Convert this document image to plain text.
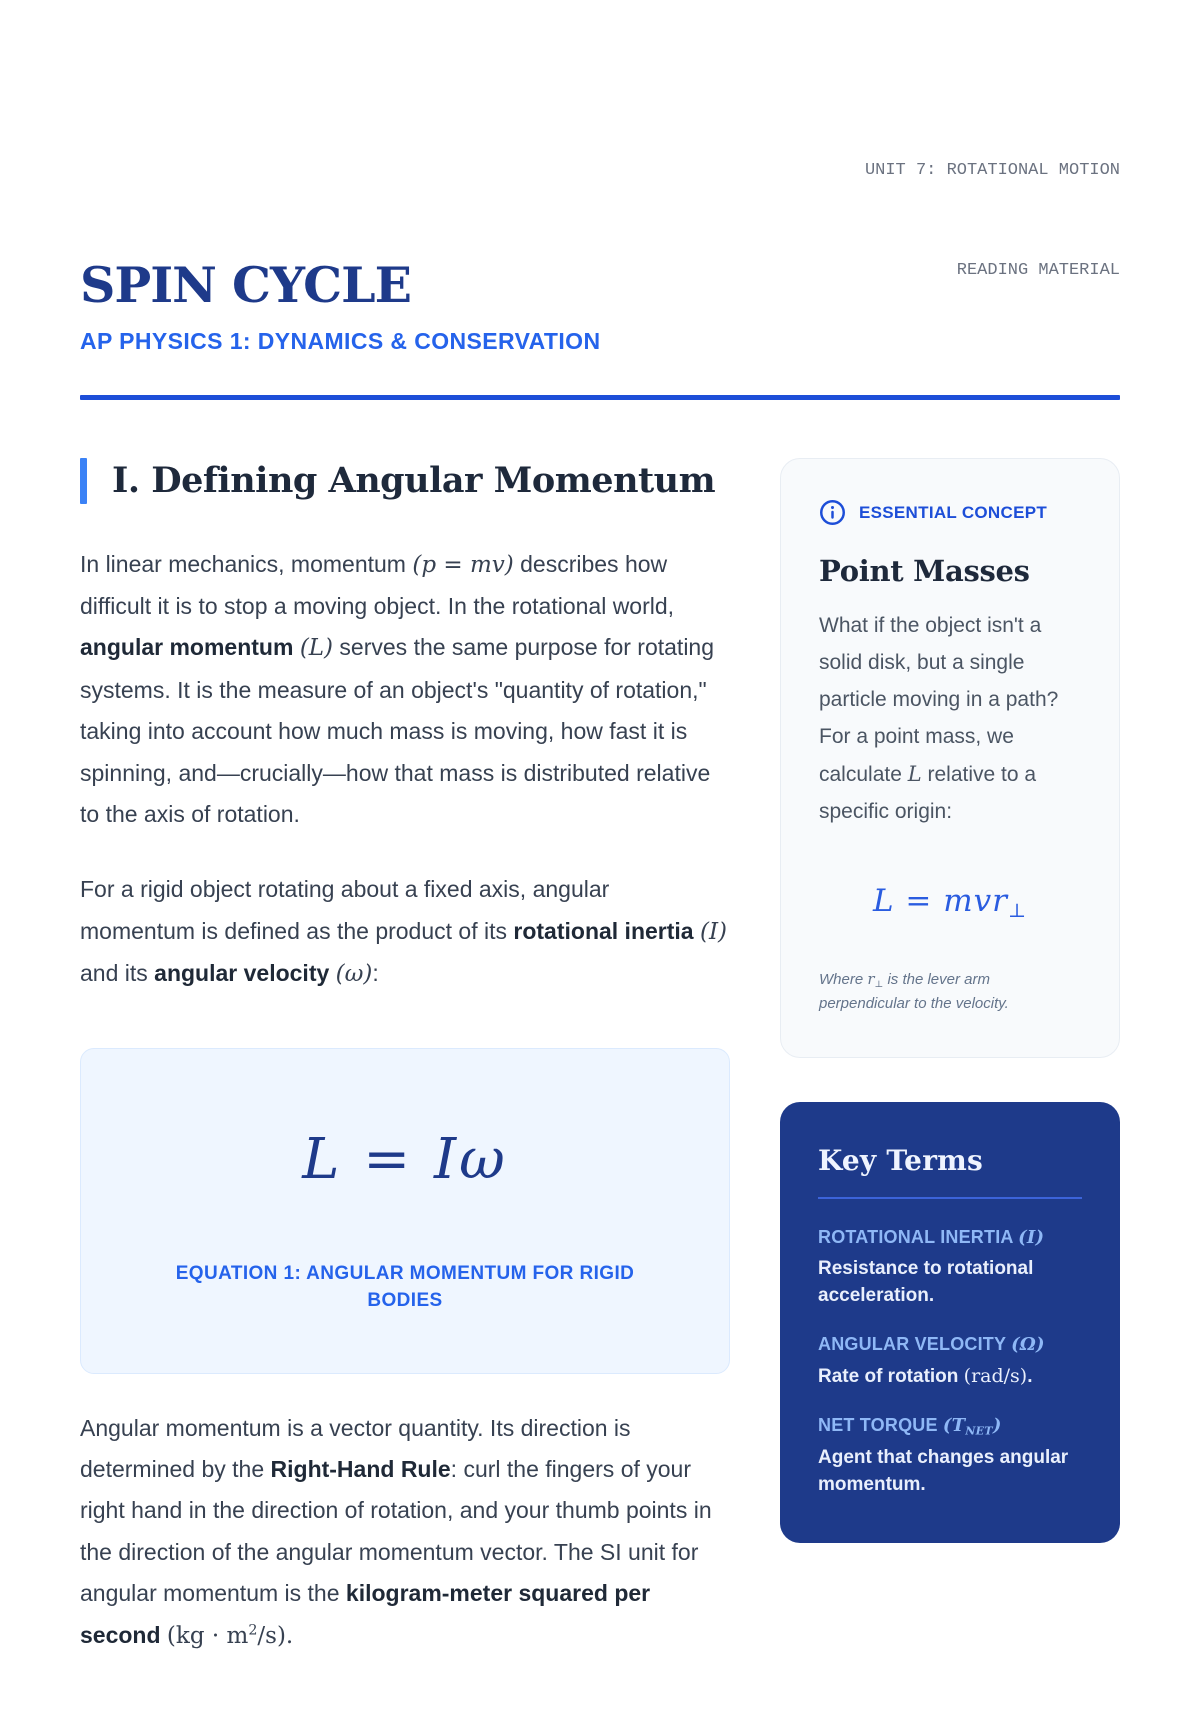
SPIN CYCLE
AP PHYSICS 1: DYNAMICS & CONSERVATION

UNIT 7: ROTATIONAL MOTION

READING MATERIAL

I. Defining Angular Momentum

In linear mechanics, momentum (p = mv) describes how difficult it is to stop a moving object. In the rotational world, angular momentum (L) serves the same purpose for rotating systems. It is the measure of an object's "quantity of rotation," taking into account how much mass is moving, how fast it is spinning, and—crucially—how that mass is distributed relative to the axis of rotation.

For a rigid object rotating about a fixed axis, angular momentum is defined as the product of its rotational inertia (I) and its angular velocity (ω):

L = Iω
EQUATION 1: ANGULAR MOMENTUM FOR RIGID BODIES

Angular momentum is a vector quantity. Its direction is determined by the Right-Hand Rule: curl the fingers of your right hand in the direction of rotation, and your thumb points in the direction of the angular momentum vector. The SI unit for angular momentum is the kilogram-meter squared per second $(kg \cdot m^2/s)$.

ESSENTIAL CONCEPT
Point Masses

What if the object isn't a solid disk, but a single particle moving in a path? For a point mass, we calculate L relative to a specific origin:

L = mvr⊥

Where r⊥ is the lever arm perpendicular to the velocity.

Key Terms
ROTATIONAL INERTIA (I)
Resistance to rotational acceleration.
ANGULAR VELOCITY (Ω)
Rate of rotation (rad/s).
NET TORQUE (ΤNET)
Agent that changes angular momentum.
